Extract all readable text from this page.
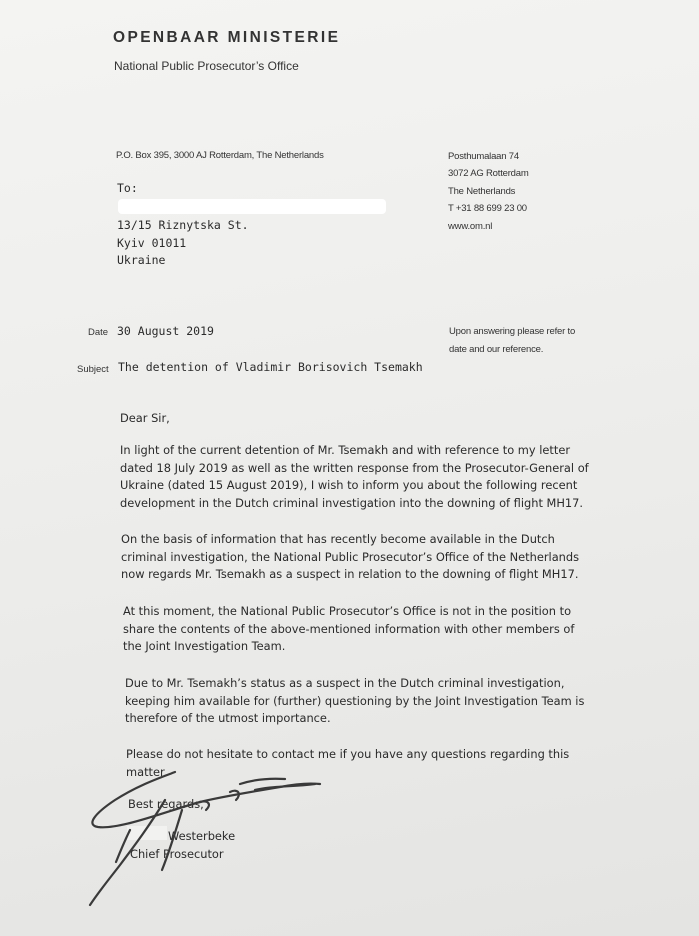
OPENBAAR MINISTERIE
National Public Prosecutor’s Office
P.O. Box 395, 3000 AJ Rotterdam, The Netherlands
To:
13/15 Riznytska St.
Kyiv 01011
Ukraine
Posthumalaan 74
3072 AG Rotterdam
The Netherlands
T +31 88 699 23 00
www.om.nl
Date 30 August 2019	Upon answering please refer to
date and our reference.
Subject The detention of Vladimir Borisovich Tsemakh
Dear Sir,
In light of the current detention of Mr. Tsemakh and with reference to my letter
dated 18 July 2019 as well as the written response from the Prosecutor-General of
Ukraine (dated 15 August 2019), I wish to inform you about the following recent
development in the Dutch criminal investigation into the downing of flight MH17.
On the basis of information that has recently become available in the Dutch
criminal investigation, the National Public Prosecutor’s Office of the Netherlands
now regards Mr. Tsemakh as a suspect in relation to the downing of flight MH17.
At this moment, the National Public Prosecutor’s Office is not in the position to
share the contents of the above-mentioned information with other members of
the Joint Investigation Team.
Due to Mr. Tsemakh’s status as a suspect in the Dutch criminal investigation,
keeping him available for (further) questioning by the Joint Investigation Team is
therefore of the utmost importance.
Please do not hesitate to contact me if you have any questions regarding this
matter.
Best regards,
Westerbeke
Chief Prosecutor
